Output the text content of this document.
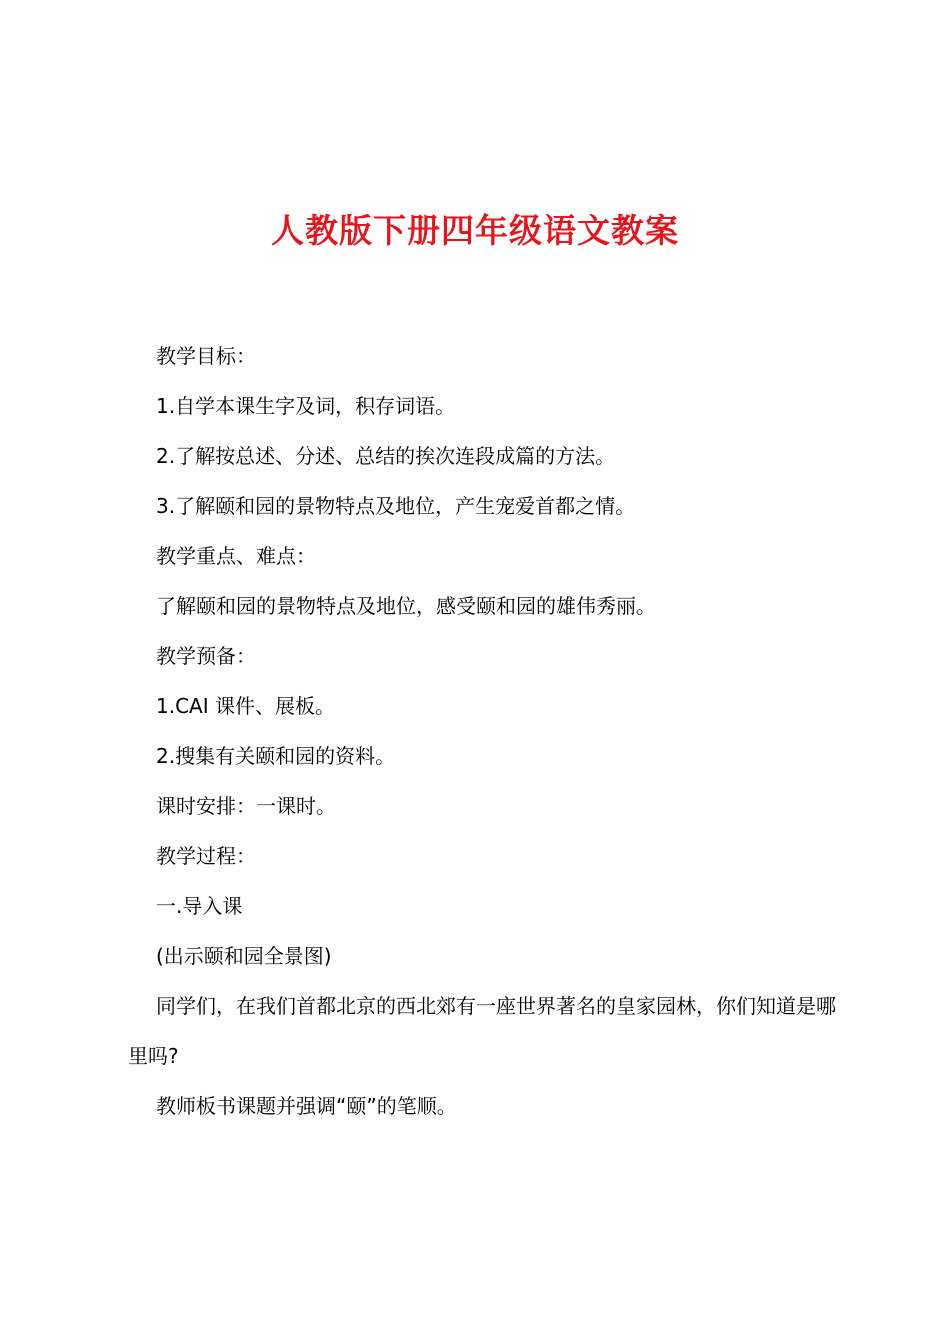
人教版下册四年级语文教案

教学目标：

1.自学本课生字及词，积存词语。

2.了解按总述、分述、总结的挨次连段成篇的方法。

3.了解颐和园的景物特点及地位，产生宠爱首都之情。

教学重点、难点：

了解颐和园的景物特点及地位，感受颐和园的雄伟秀丽。

教学预备：

1.CAI 课件、展板。

2.搜集有关颐和园的资料。

课时安排：一课时。

教学过程：

一.导入课

(出示颐和园全景图)

同学们，在我们首都北京的西北郊有一座世界著名的皇家园林，你们知道是哪里吗?

教师板书课题并强调“颐”的笔顺。
